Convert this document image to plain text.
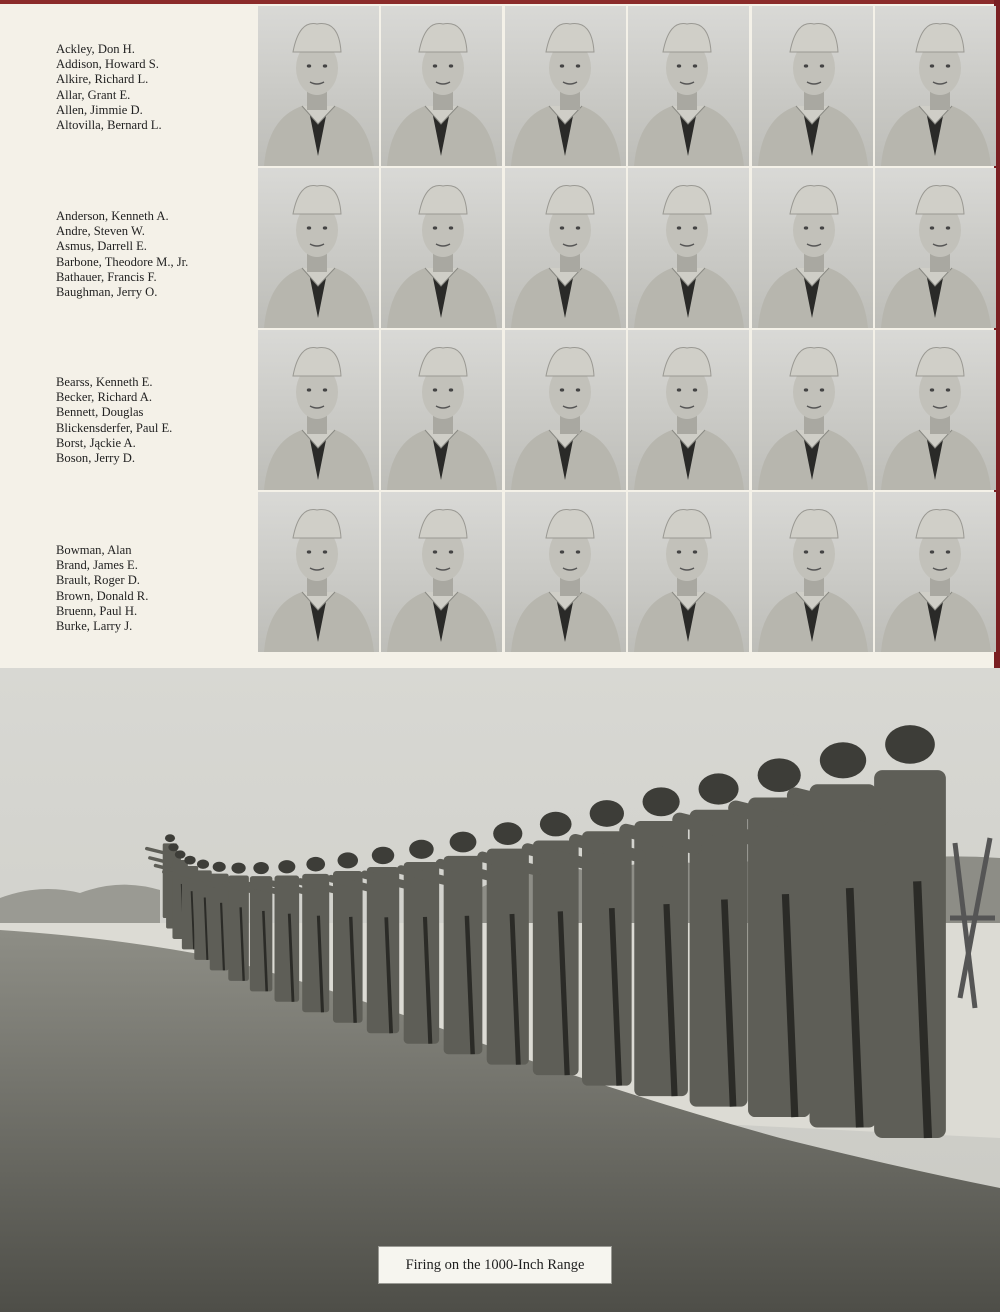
Ackley, Don H.
Addison, Howard S.
Alkire, Richard L.
Allar, Grant E.
Allen, Jimmie D.
Altovilla, Bernard L.
Anderson, Kenneth A.
Andre, Steven W.
Asmus, Darrell E.
Barbone, Theodore M., Jr.
Bathauer, Francis F.
Baughman, Jerry O.
Bearss, Kenneth E.
Becker, Richard A.
Bennett, Douglas
Blickensderfer, Paul E.
Borst, Jąckie A.
Boson, Jerry D.
Bowman, Alan
Brand, James E.
Brault, Roger D.
Brown, Donald R.
Bruenn, Paul H.
Burke, Larry J.
Firing on the 1000-Inch Range
